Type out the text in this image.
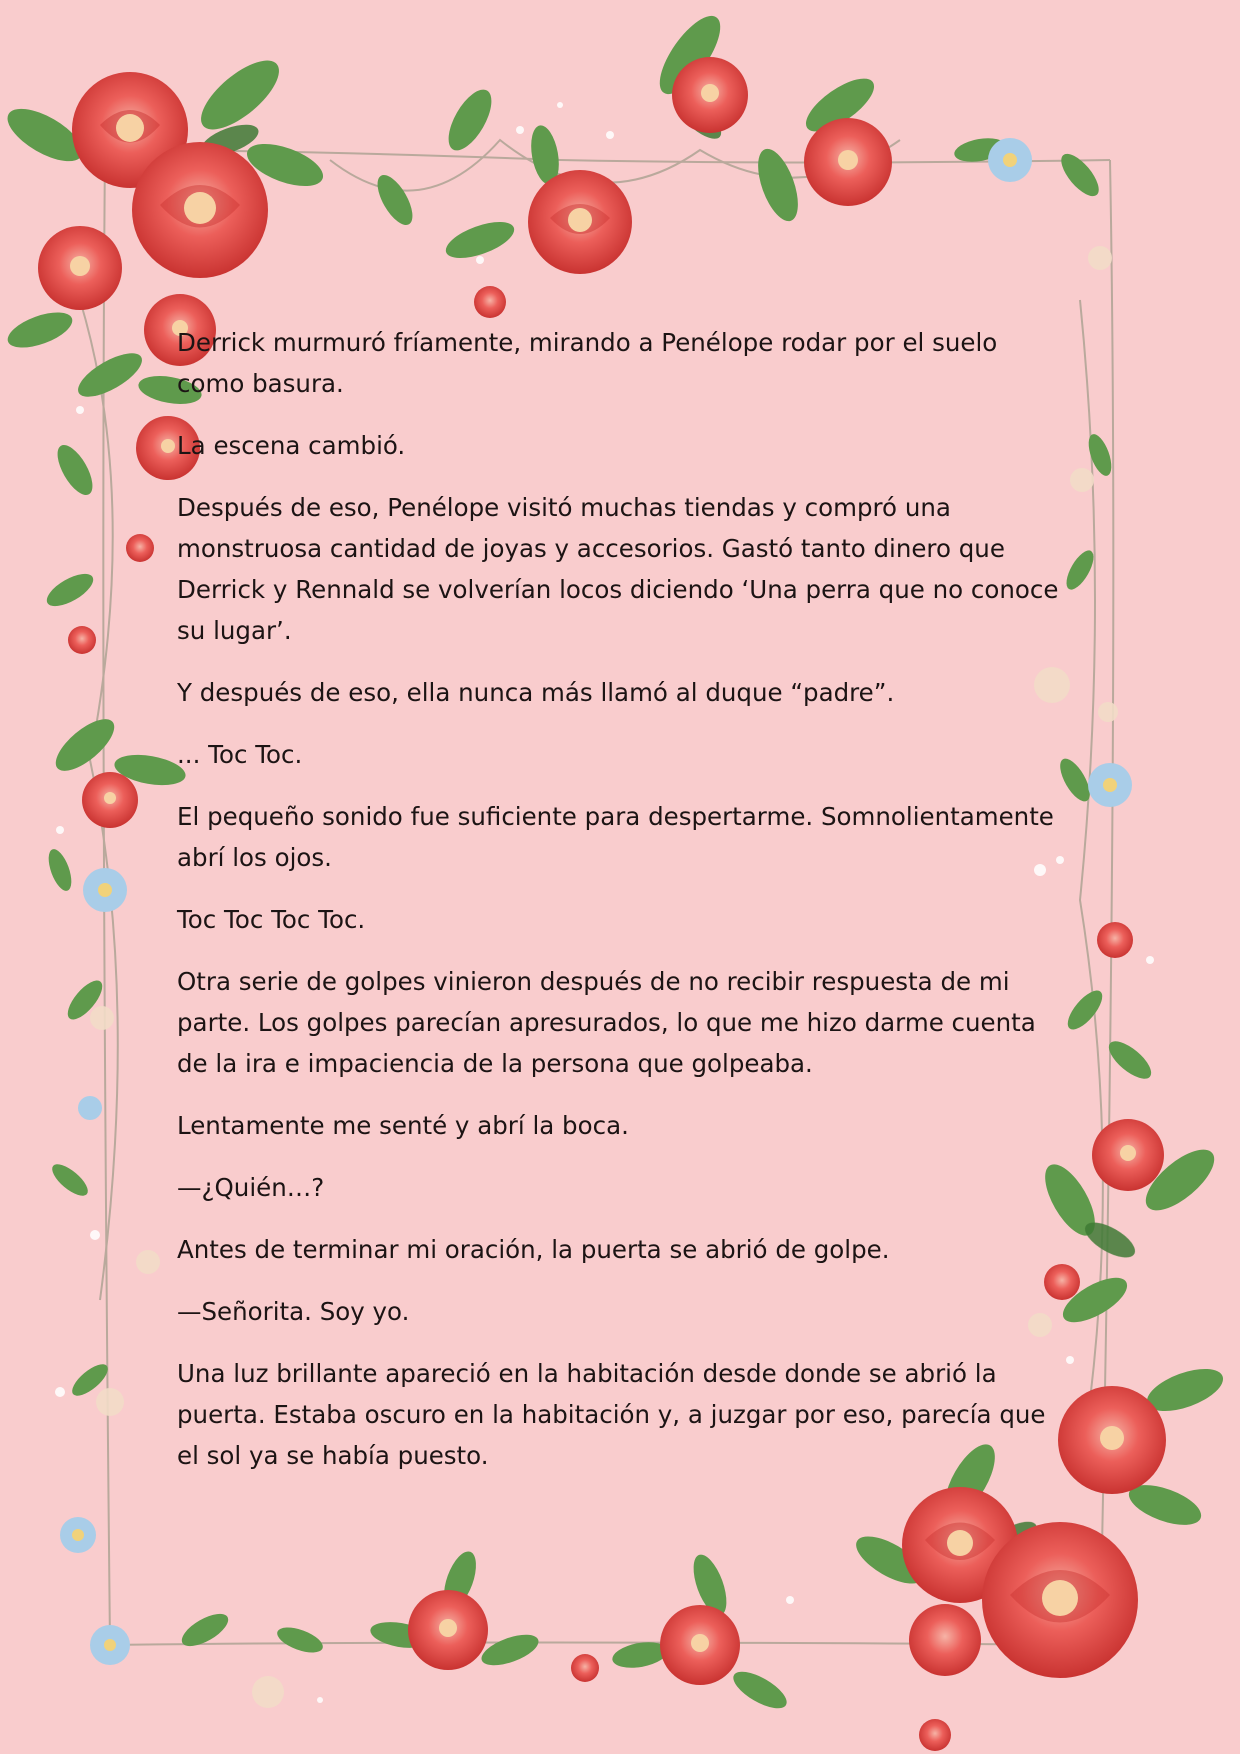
Derrick murmuró fríamente, mirando a Penélope rodar por el suelo como basura.

La escena cambió.

Después de eso, Penélope visitó muchas tiendas y compró una monstruosa cantidad de joyas y accesorios. Gastó tanto dinero que Derrick y Rennald se volverían locos diciendo ‘Una perra que no conoce su lugar’.

Y después de eso, ella nunca más llamó al duque “padre”.

... Toc Toc.

El pequeño sonido fue suficiente para despertarme. Somnolientamente abrí los ojos.

Toc Toc Toc Toc.

Otra serie de golpes vinieron después de no recibir respuesta de mi parte. Los golpes parecían apresurados, lo que me hizo darme cuenta de la ira e impaciencia de la persona que golpeaba.

Lentamente me senté y abrí la boca.

—¿Quién…?

Antes de terminar mi oración, la puerta se abrió de golpe.

—Señorita. Soy yo.

Una luz brillante apareció en la habitación desde donde se abrió la puerta. Estaba oscuro en la habitación y, a juzgar por eso, parecía que el sol ya se había puesto.
